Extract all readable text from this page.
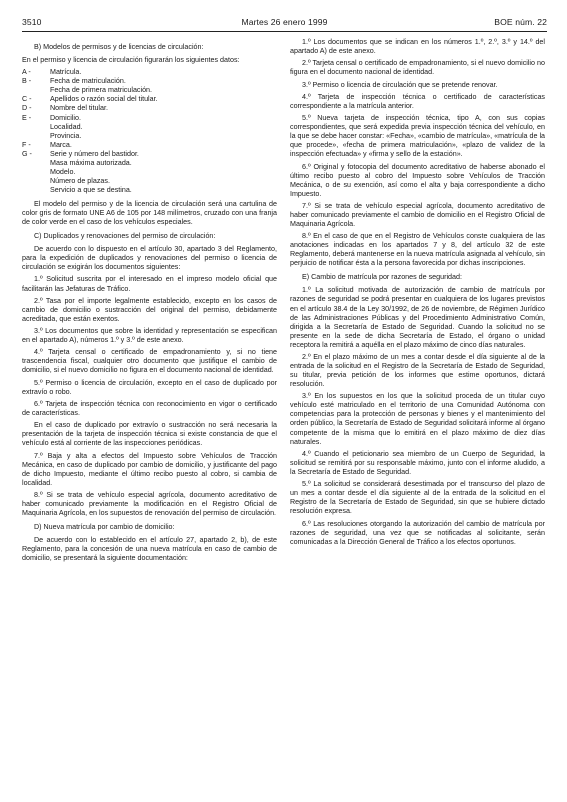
3510	Martes 26 enero 1999	BOE núm. 22

B) Modelos de permisos y de licencias de circulación:

En el permiso y licencia de circulación figurarán los siguientes datos:

A -	Matrícula.
B -	Fecha de matriculación.
Fecha de primera matriculación.
C -	Apellidos o razón social del titular.
D -	Nombre del titular.
E -	Domicilio.
Localidad.
Provincia.
F -	Marca.
G -	Serie y número del bastidor.
Masa máxima autorizada.
Modelo.
Número de plazas.
Servicio a que se destina.

El modelo del permiso y de la licencia de circulación será una cartulina de color gris de formato UNE A6 de 105 por 148 milímetros, cruzado con una franja de color verde en el caso de los vehículos especiales.

C) Duplicados y renovaciones del permiso de circulación:

De acuerdo con lo dispuesto en el artículo 30, apartado 3 del Reglamento, para la expedición de duplicados y renovaciones del permiso o licencia de circulación se exigirán los documentos siguientes:

1.º Solicitud suscrita por el interesado en el impreso modelo oficial que facilitarán las Jefaturas de Tráfico.

2.º Tasa por el importe legalmente establecido, excepto en los casos de cambio de domicilio o sustracción del original del permiso, debidamente acreditada, que están exentos.

3.º Los documentos que sobre la identidad y representación se especifican en el apartado A), números 1.º y 3.º de este anexo.

4.º Tarjeta censal o certificado de empadronamiento y, si no tiene trascendencia fiscal, cualquier otro documento que justifique el cambio de domicilio, si el nuevo domicilio no figura en el documento nacional de identidad.

5.º Permiso o licencia de circulación, excepto en el caso de duplicado por extravío o robo.

6.º Tarjeta de inspección técnica con reconocimiento en vigor o certificado de características.

En el caso de duplicado por extravío o sustracción no será necesaria la presentación de la tarjeta de inspección técnica si existe constancia de que el vehículo está al corriente de las inspecciones periódicas.

7.º Baja y alta a efectos del Impuesto sobre Vehículos de Tracción Mecánica, en caso de duplicado por cambio de domicilio, y justificante del pago de dicho Impuesto, mediante el último recibo puesto al cobro, si cambia de localidad.

8.º Si se trata de vehículo especial agrícola, documento acreditativo de haber comunicado previamente la modificación en el Registro Oficial de Maquinaria Agrícola, en los supuestos de renovación del permiso de circulación.

D) Nueva matrícula por cambio de domicilio:

De acuerdo con lo establecido en el artículo 27, apartado 2, b), de este Reglamento, para la concesión de una nueva matrícula en caso de cambio de domicilio, se presentará la siguiente documentación:

1.º Los documentos que se indican en los números 1.º, 2.º, 3.º y 14.º del apartado A) de este anexo.

2.º Tarjeta censal o certificado de empadronamiento, si el nuevo domicilio no figura en el documento nacional de identidad.

3.º Permiso o licencia de circulación que se pretende renovar.

4.º Tarjeta de inspección técnica o certificado de características correspondiente a la matrícula anterior.

5.º Nueva tarjeta de inspección técnica, tipo A, con sus copias correspondientes, que será expedida previa inspección técnica del vehículo, en la que se debe hacer constar: «Fecha», «cambio de matrícula», «matrícula de la que procede», «fecha de primera matriculación», «plazo de validez de la inspección efectuada» y «firma y sello de la estación».

6.º Original y fotocopia del documento acreditativo de haberse abonado el último recibo puesto al cobro del Impuesto sobre Vehículos de Tracción Mecánica, o de su exención, así como el alta y baja correspondiente a dicho Impuesto.

7.º Si se trata de vehículo especial agrícola, documento acreditativo de haber comunicado previamente el cambio de domicilio en el Registro Oficial de Maquinaria Agrícola.

8.º En el caso de que en el Registro de Vehículos conste cualquiera de las anotaciones indicadas en los apartados 7 y 8, del artículo 32 de este Reglamento, deberá mantenerse en la nueva matrícula asignada al vehículo, sin perjuicio de notificar ésta a la persona favorecida por dichas inscripciones.

E) Cambio de matrícula por razones de seguridad:

1.º La solicitud motivada de autorización de cambio de matrícula por razones de seguridad se podrá presentar en cualquiera de los lugares previstos en el artículo 38.4 de la Ley 30/1992, de 26 de noviembre, de Régimen Jurídico de las Administraciones Públicas y del Procedimiento Administrativo Común, dirigida a la Secretaría de Estado de Seguridad. Cuando la solicitud no se presente en la sede de dicha Secretaría de Estado, el órgano o unidad receptora la remitirá a aquélla en el plazo máximo de cinco días naturales.

2.º En el plazo máximo de un mes a contar desde el día siguiente al de la entrada de la solicitud en el Registro de la Secretaría de Estado de Seguridad, su titular, previa petición de los informes que estime oportunos, dictará resolución.

3.º En los supuestos en los que la solicitud proceda de un titular cuyo vehículo esté matriculado en el territorio de una Comunidad Autónoma con competencias para la protección de personas y bienes y el mantenimiento del orden público, la Secretaría de Estado de Seguridad solicitará informe al órgano competente de la misma que lo emitirá en el plazo máximo de diez días naturales.

4.º Cuando el peticionario sea miembro de un Cuerpo de Seguridad, la solicitud se remitirá por su responsable máximo, junto con el informe aludido, a la Secretaría de Estado de Seguridad.

5.º La solicitud se considerará desestimada por el transcurso del plazo de un mes a contar desde el día siguiente al de la entrada de la solicitud en el Registro de la Secretaría de Estado de Seguridad, sin que se hubiere dictado resolución expresa.

6.º Las resoluciones otorgando la autorización del cambio de matrícula por razones de seguridad, una vez que se notificadas al solicitante, serán comunicadas a la Dirección General de Tráfico a los efectos oportunos.
